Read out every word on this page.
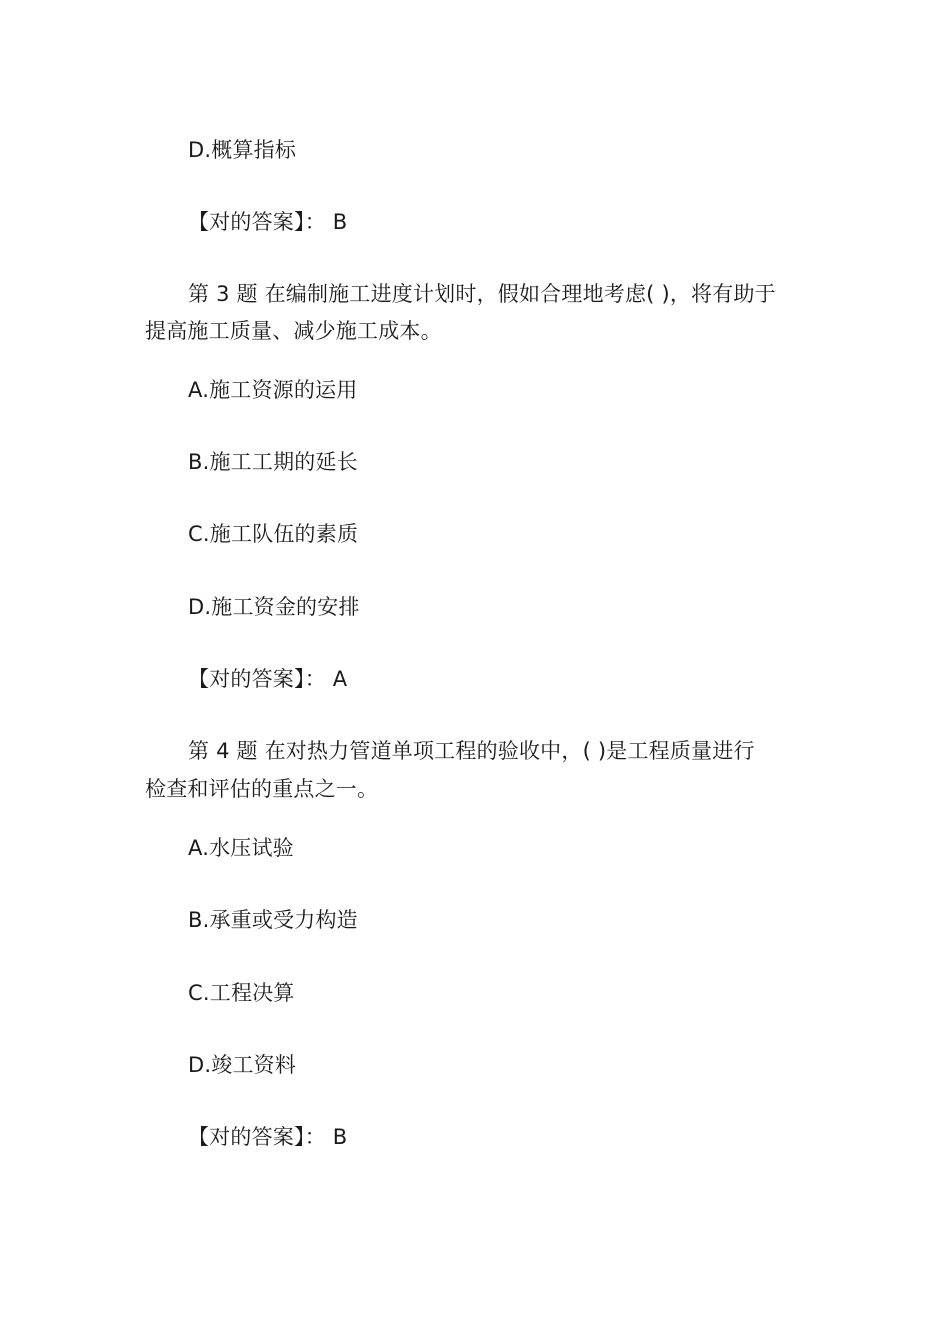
D.概算指标
【对的答案】： B
第 3 题 在编制施工进度计划时，假如合理地考虑( )，将有助于
提高施工质量、减少施工成本。
A.施工资源的运用
B.施工工期的延长
C.施工队伍的素质
D.施工资金的安排
【对的答案】： A
第 4 题 在对热力管道单项工程的验收中，( )是工程质量进行
检查和评估的重点之一。
A.水压试验
B.承重或受力构造
C.工程决算
D.竣工资料
【对的答案】： B
